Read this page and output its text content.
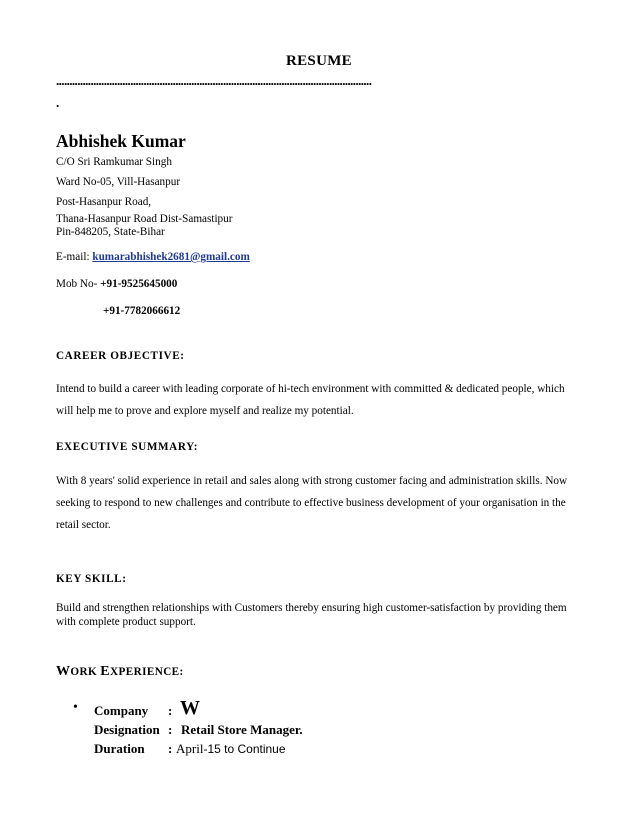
RESUME
.......................................................................................................................
.
Abhishek Kumar
C/O Sri Ramkumar Singh
Ward No-05, Vill-Hasanpur
Post-Hasanpur Road,
Thana-Hasanpur Road Dist-Samastipur
Pin-848205, State-Bihar
E-mail: kumarabhishek2681@gmail.com
Mob No- +91-9525645000
+91-7782066612
CAREER OBJECTIVE:
Intend to build a career with leading corporate of hi-tech environment with committed & dedicated people, which
will help me to prove and explore myself and realize my potential.
EXECUTIVE SUMMARY:
With 8 years' solid experience in retail and sales along with strong customer facing and administration skills. Now
seeking to respond to new challenges and contribute to effective business development of your organisation in the
retail sector.
KEY SKILL:
Build and strengthen relationships with Customers thereby ensuring high customer-satisfaction by providing them
with complete product support.
WORK EXPERIENCE:
• Company : W
Designation : Retail Store Manager.
Duration : April-15 to Continue
